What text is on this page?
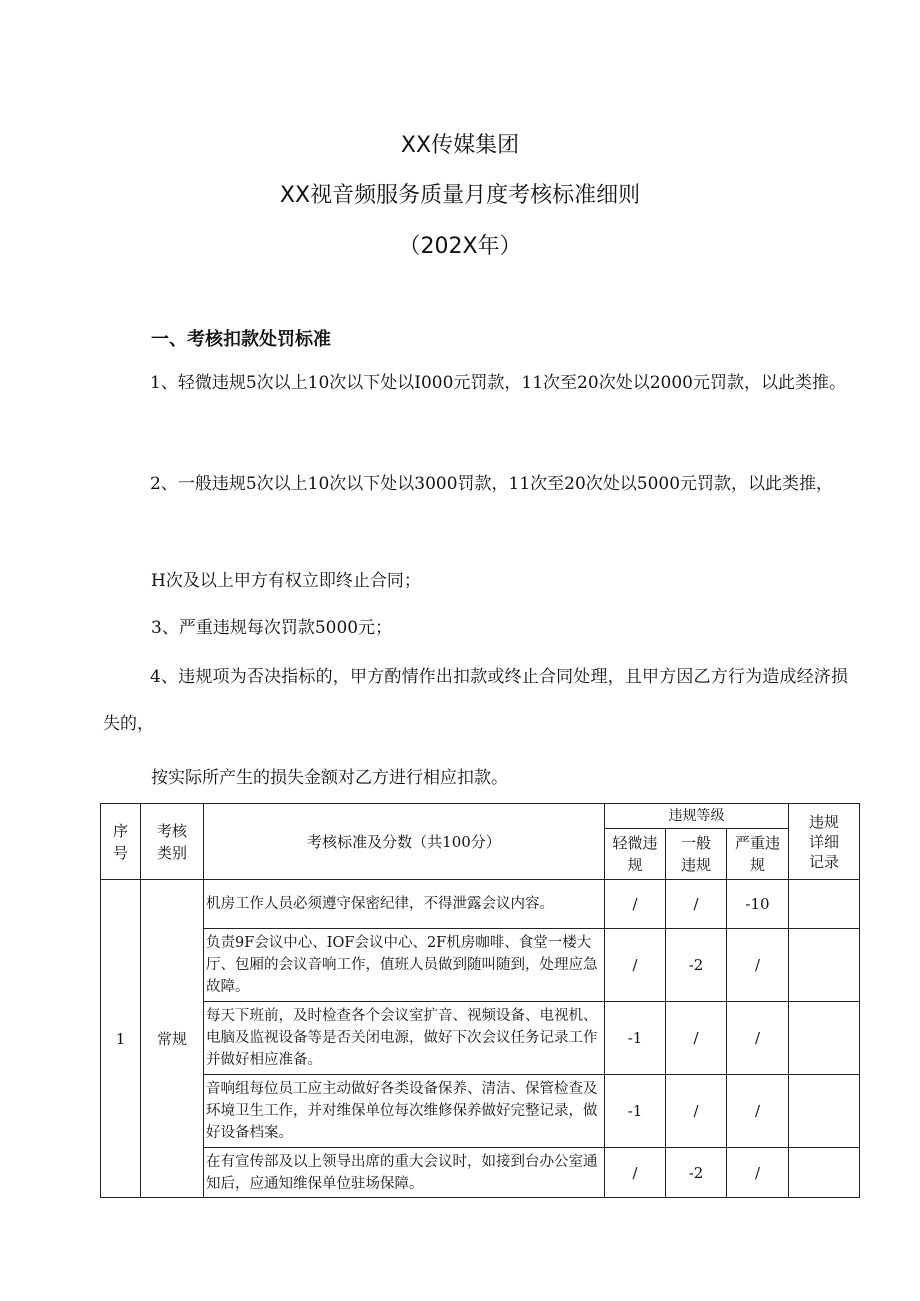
XX传媒集团
XX视音频服务质量月度考核标准细则
（202X年）
一、考核扣款处罚标准
1、轻微违规5次以上10次以下处以I000元罚款，11次至20次处以2000元罚款，以此类推。
2、一般违规5次以上10次以下处以3000罚款，11次至20次处以5000元罚款，以此类推，
H次及以上甲方有权立即终止合同；
3、严重违规每次罚款5000元；
4、违规项为否决指标的，甲方酌情作出扣款或终止合同处理，且甲方因乙方行为造成经济损失的，
按实际所产生的损失金额对乙方进行相应扣款。
序号	考核类别	考核标准及分数（共100分）	违规等级			违规详细记录

			轻微违规	一般违规	严重违规	

1	常规	机房工作人员必须遵守保密纪律，不得泄露会议内容。	/	/	-10	
		负责9F会议中心、IOF会议中心、2F机房咖啡、食堂一楼大厅、包厢的会议音响工作，值班人员做到随叫随到，处理应急故障。	/	-2	/	
		每天下班前，及时检查各个会议室扩音、视频设备、电视机、电脑及监视设备等是否关闭电源，做好下次会议任务记录工作并做好相应准备。	-1	/	/	
		音响组每位员工应主动做好各类设备保养、清洁、保管检查及环境卫生工作，并对维保单位每次维修保养做好完整记录，做好设备档案。	-1	/	/	
		在有宣传部及以上领导出席的重大会议时，如接到台办公室通知后，应通知维保单位驻场保障。	/	-2	/	
